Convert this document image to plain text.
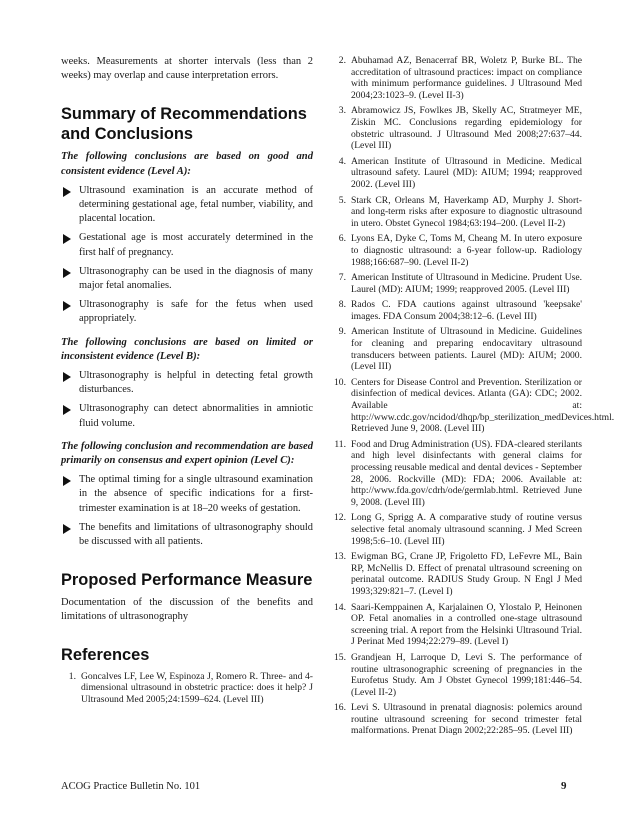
weeks. Measurements at shorter intervals (less than 2 weeks) may overlap and cause interpretation errors.

Summary of Recommendations and Conclusions

The following conclusions are based on good and consistent evidence (Level A):

Ultrasound examination is an accurate method of determining gestational age, fetal number, viability, and placental location.
Gestational age is most accurately determined in the first half of pregnancy.
Ultrasonography can be used in the diagnosis of many major fetal anomalies.
Ultrasonography is safe for the fetus when used appropriately.

The following conclusions are based on limited or inconsistent evidence (Level B):

Ultrasonography is helpful in detecting fetal growth disturbances.
Ultrasonography can detect abnormalities in amniotic fluid volume.

The following conclusion and recommendation are based primarily on consensus and expert opinion (Level C):

The optimal timing for a single ultrasound examination in the absence of specific indications for a first-trimester examination is at 18–20 weeks of gestation.
The benefits and limitations of ultrasonography should be discussed with all patients.
Proposed Performance Measure

Documentation of the discussion of the benefits and limitations of ultrasonography

References
1. Goncalves LF, Lee W, Espinoza J, Romero R. Three- and 4-dimensional ultrasound in obstetric practice: does it help? J Ultrasound Med 2005;24:1599–624. (Level III)
2. Abuhamad AZ, Benacerraf BR, Woletz P, Burke BL. The accreditation of ultrasound practices: impact on compliance with minimum performance guidelines. J Ultrasound Med 2004;23:1023–9. (Level II-3)
3. Abramowicz JS, Fowlkes JB, Skelly AC, Stratmeyer ME, Ziskin MC. Conclusions regarding epidemiology for obstetric ultrasound. J Ultrasound Med 2008;27:637–44. (Level III)
4. American Institute of Ultrasound in Medicine. Medical ultrasound safety. Laurel (MD): AIUM; 1994; reapproved 2002. (Level III)
5. Stark CR, Orleans M, Haverkamp AD, Murphy J. Short- and long-term risks after exposure to diagnostic ultrasound in utero. Obstet Gynecol 1984;63:194–200. (Level II-2)
6. Lyons EA, Dyke C, Toms M, Cheang M. In utero exposure to diagnostic ultrasound: a 6-year follow-up. Radiology 1988;166:687–90. (Level II-2)
7. American Institute of Ultrasound in Medicine. Prudent Use. Laurel (MD): AIUM; 1999; reapproved 2005. (Level III)
8. Rados C. FDA cautions against ultrasound 'keepsake' images. FDA Consum 2004;38:12–6. (Level III)
9. American Institute of Ultrasound in Medicine. Guidelines for cleaning and preparing endocavitary ultrasound transducers between patients. Laurel (MD): AIUM; 2000. (Level III)
10. Centers for Disease Control and Prevention. Sterilization or disinfection of medical devices. Atlanta (GA): CDC; 2002. Available at: http://www.cdc.gov/ncidod/dhqp/bp_sterilization_medDevices.html. Retrieved June 9, 2008. (Level III)
11. Food and Drug Administration (US). FDA-cleared sterilants and high level disinfectants with general claims for processing reusable medical and dental devices - September 28, 2006. Rockville (MD): FDA; 2006. Available at: http://www.fda.gov/cdrh/ode/germlab.html. Retrieved June 9, 2008. (Level III)
12. Long G, Sprigg A. A comparative study of routine versus selective fetal anomaly ultrasound scanning. J Med Screen 1998;5:6–10. (Level III)
13. Ewigman BG, Crane JP, Frigoletto FD, LeFevre ML, Bain RP, McNellis D. Effect of prenatal ultrasound screening on perinatal outcome. RADIUS Study Group. N Engl J Med 1993;329:821–7. (Level I)
14. Saari-Kemppainen A, Karjalainen O, Ylostalo P, Heinonen OP. Fetal anomalies in a controlled one-stage ultrasound screening trial. A report from the Helsinki Ultrasound Trial. J Perinat Med 1994;22:279–89. (Level I)
15. Grandjean H, Larroque D, Levi S. The performance of routine ultrasonographic screening of pregnancies in the Eurofetus Study. Am J Obstet Gynecol 1999;181:446–54. (Level II-2)
16. Levi S. Ultrasound in prenatal diagnosis: polemics around routine ultrasound screening for second trimester fetal malformations. Prenat Diagn 2002;22:285–95. (Level III)
ACOG Practice Bulletin No. 101	9
